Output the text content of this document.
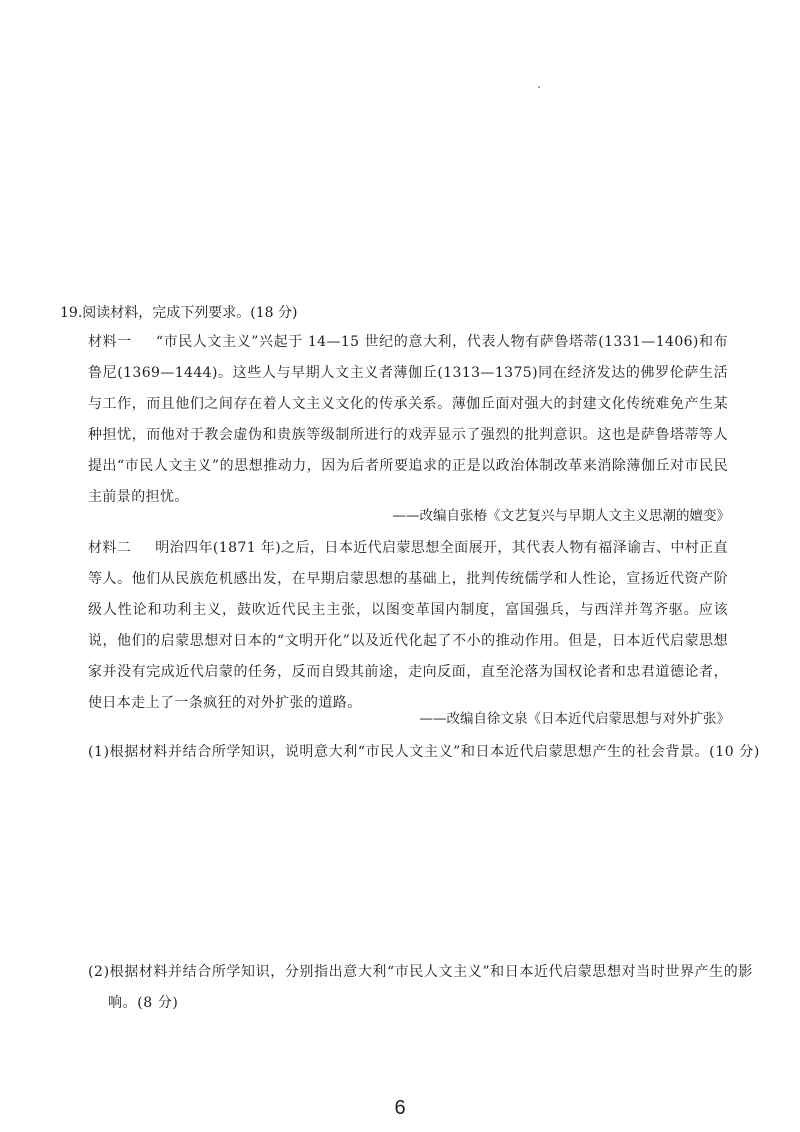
19.阅读材料，完成下列要求。(18 分)
材料一 “市民人文主义”兴起于 14—15 世纪的意大利，代表人物有萨鲁塔蒂(1331—1406)和布鲁尼(1369—1444)。这些人与早期人文主义者薄伽丘(1313—1375)同在经济发达的佛罗伦萨生活与工作，而且他们之间存在着人文主义文化的传承关系。薄伽丘面对强大的封建文化传统难免产生某种担忧，而他对于教会虚伪和贵族等级制所进行的戏弄显示了强烈的批判意识。这也是萨鲁塔蒂等人提出“市民人文主义”的思想推动力，因为后者所要追求的正是以政治体制改革来消除薄伽丘对市民民主前景的担忧。
——改编自张椿《文艺复兴与早期人文主义思潮的嬗变》
材料二 明治四年(1871 年)之后，日本近代启蒙思想全面展开，其代表人物有福泽谕吉、中村正直等人。他们从民族危机感出发，在早期启蒙思想的基础上，批判传统儒学和人性论，宣扬近代资产阶级人性论和功利主义，鼓吹近代民主主张，以图变革国内制度，富国强兵，与西洋并驾齐驱。应该说，他们的启蒙思想对日本的“文明开化”以及近代化起了不小的推动作用。但是，日本近代启蒙思想家并没有完成近代启蒙的任务，反而自毁其前途，走向反面，直至沦落为国权论者和忠君道德论者，使日本走上了一条疯狂的对外扩张的道路。
——改编自徐文泉《日本近代启蒙思想与对外扩张》
(1)根据材料并结合所学知识，说明意大利“市民人文主义”和日本近代启蒙思想产生的社会背景。(10 分)
(2)根据材料并结合所学知识，分别指出意大利“市民人文主义”和日本近代启蒙思想对当时世界产生的影响。(8 分)
6
